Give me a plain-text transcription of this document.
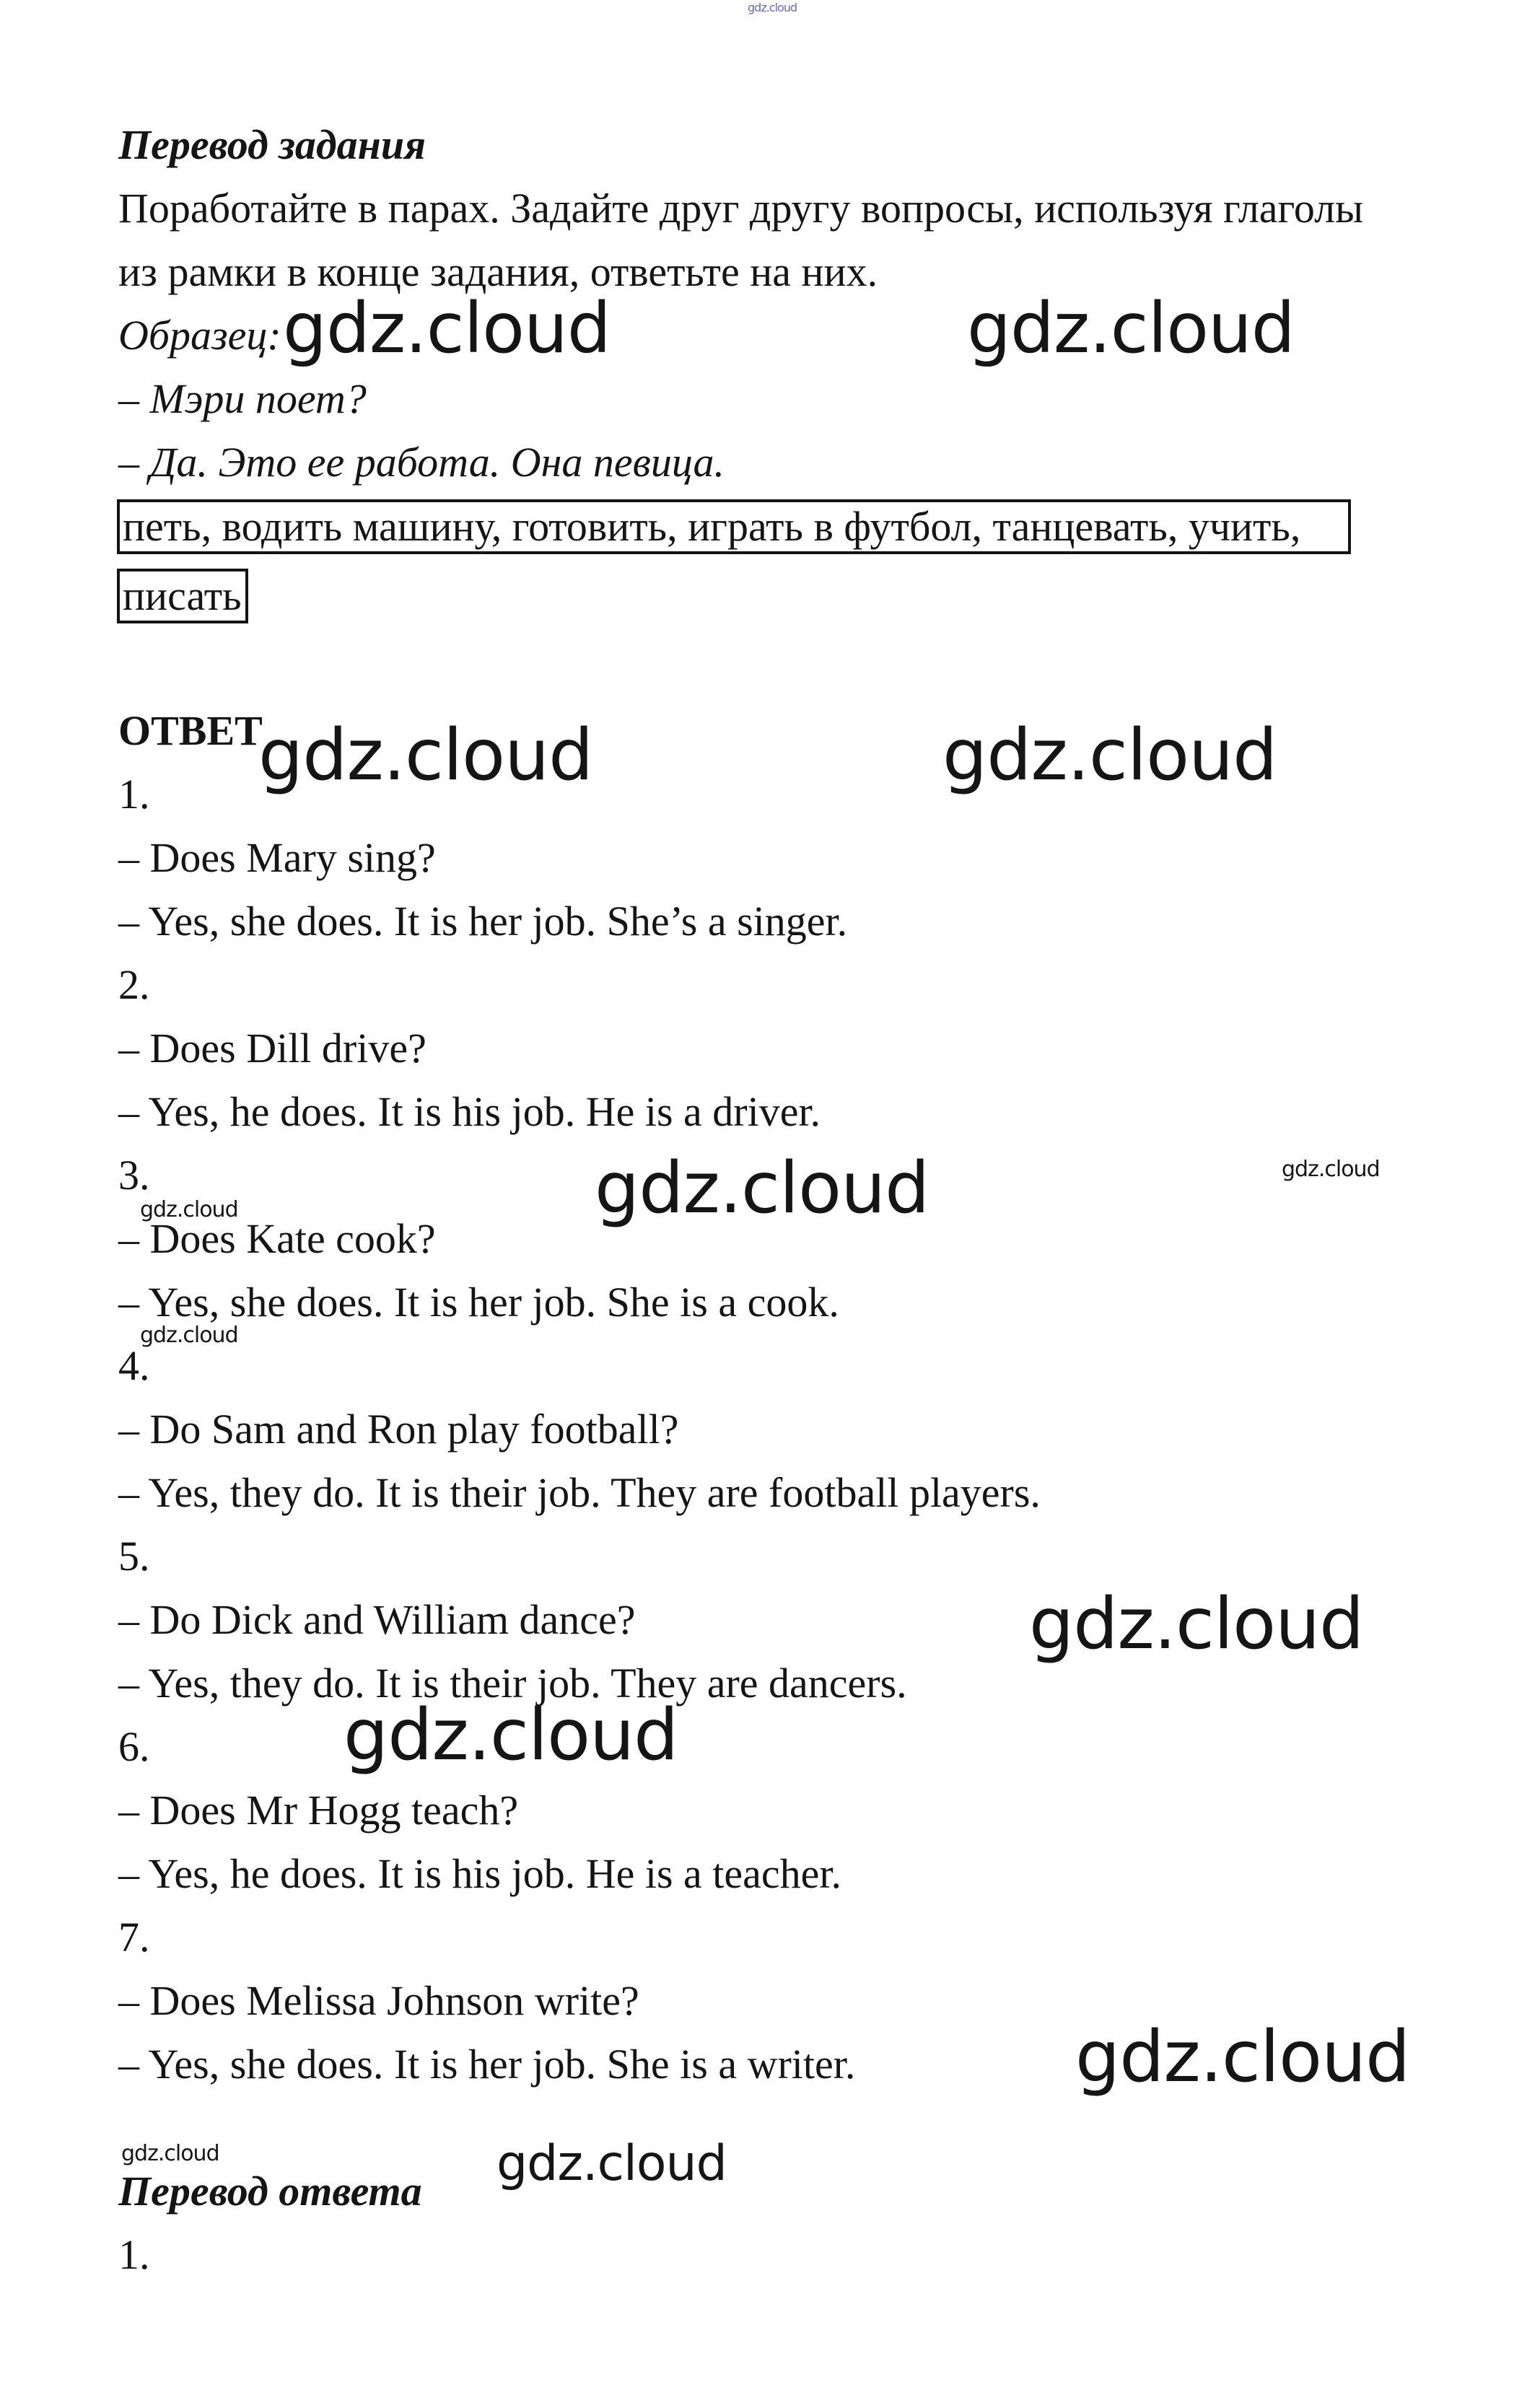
gdz.cloud
Перевод задания
Поработайте в парах. Задайте друг другу вопросы, используя глаголы
из рамки в конце задания, ответьте на них.
Образец: gdz.cloud	gdz.cloud
– Мэри поет?
– Да. Это ее работа. Она певица.
петь, водить машину, готовить, играть в футбол, танцевать, учить,
писать
ОТВЕТ
gdz.cloud	gdz.cloud
1.
– Does Mary sing?
– Yes, she does. It is her job. She’s a singer.
2.
– Does Dill drive?
– Yes, he does. It is his job. He is a driver.
3.
gdz.cloud	gdz.cloud	gdz.cloud
– Does Kate cook?
– Yes, she does. It is her job. She is a cook.
gdz.cloud
4.
– Do Sam and Ron play football?
– Yes, they do. It is their job. They are football players.
5.
– Do Dick and William dance?	gdz.cloud
– Yes, they do. It is their job. They are dancers.
6.	gdz.cloud
– Does Mr Hogg teach?
– Yes, he does. It is his job. He is a teacher.
7.
– Does Melissa Johnson write?
– Yes, she does. It is her job. She is a writer.	gdz.cloud
gdz.cloud	gdz.cloud
Перевод ответа
1.
